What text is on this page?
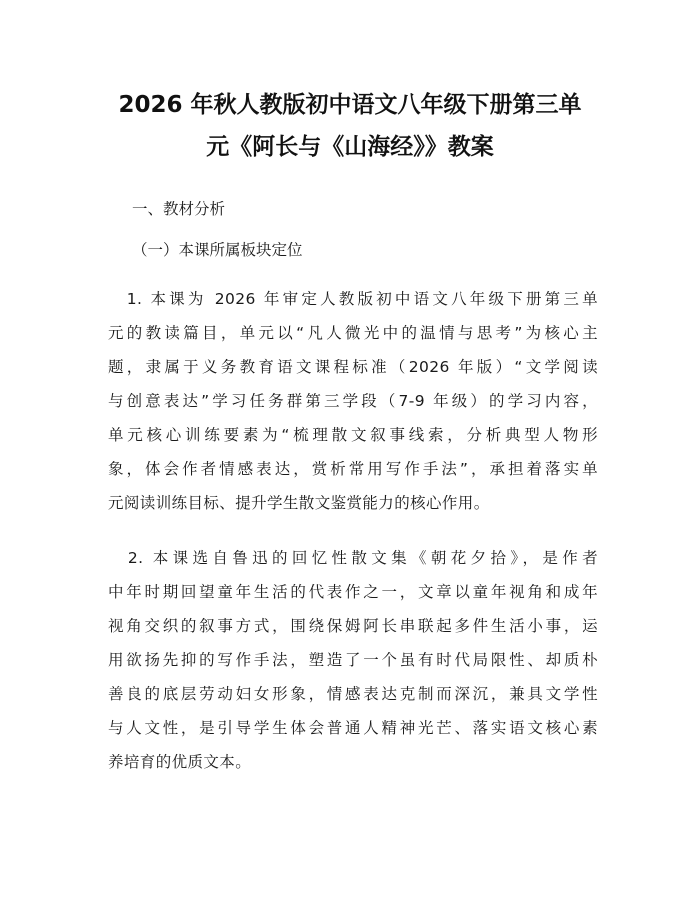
2026 年秋人教版初中语文八年级下册第三单
元《阿长与《山海经》》教案
一、教材分析
（一）本课所属板块定位
　1. 本课为 2026 年审定人教版初中语文八年级下册第三单
元的教读篇目，单元以“凡人微光中的温情与思考”为核心主
题，隶属于义务教育语文课程标准（2026 年版）“文学阅读
与创意表达”学习任务群第三学段（7-9 年级）的学习内容，
单元核心训练要素为“梳理散文叙事线索，分析典型人物形
象，体会作者情感表达，赏析常用写作手法”，承担着落实单
元阅读训练目标、提升学生散文鉴赏能力的核心作用。
　2. 本课选自鲁迅的回忆性散文集《朝花夕拾》，是作者
中年时期回望童年生活的代表作之一，文章以童年视角和成年
视角交织的叙事方式，围绕保姆阿长串联起多件生活小事，运
用欲扬先抑的写作手法，塑造了一个虽有时代局限性、却质朴
善良的底层劳动妇女形象，情感表达克制而深沉，兼具文学性
与人文性，是引导学生体会普通人精神光芒、落实语文核心素
养培育的优质文本。
